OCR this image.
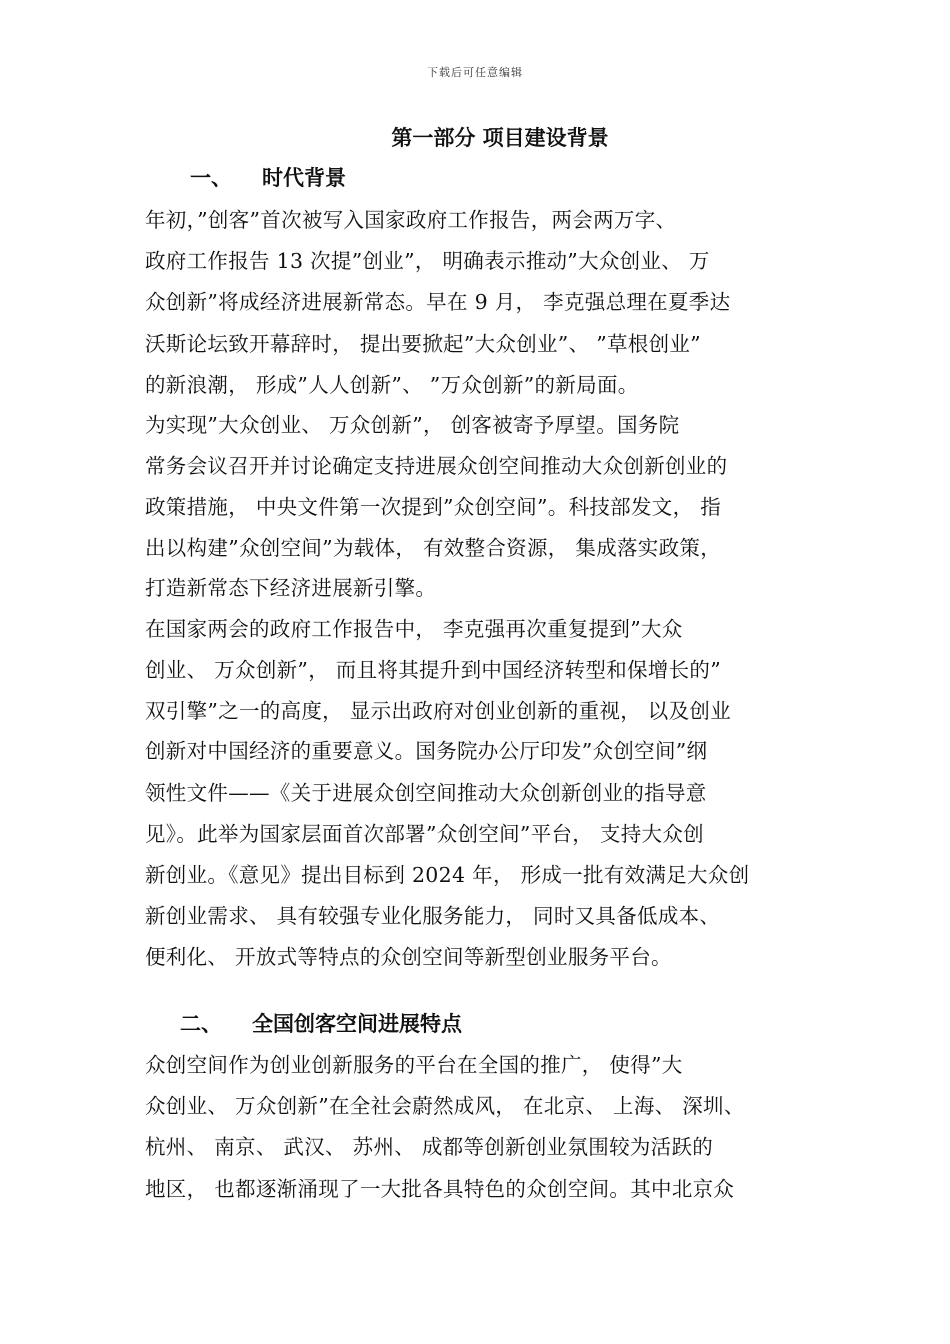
下载后可任意编辑
第一部分 项目建设背景
一、 时代背景
二、 全国创客空间进展特点
年初，”创客”首次被写入国家政府工作报告，两会两万字、
政府工作报告 13 次提”创业”， 明确表示推动”大众创业、 万
众创新”将成经济进展新常态。早在 9 月， 李克强总理在夏季达
沃斯论坛致开幕辞时， 提出要掀起”大众创业”、 ”草根创业”
的新浪潮， 形成”人人创新”、 ”万众创新”的新局面。
为实现”大众创业、 万众创新”， 创客被寄予厚望。国务院
常务会议召开并讨论确定支持进展众创空间推动大众创新创业的
政策措施， 中央文件第一次提到”众创空间”。科技部发文， 指
出以构建”众创空间”为载体， 有效整合资源， 集成落实政策，
打造新常态下经济进展新引擎。
在国家两会的政府工作报告中， 李克强再次重复提到”大众
创业、 万众创新”， 而且将其提升到中国经济转型和保增长的”
双引擎”之一的高度， 显示出政府对创业创新的重视， 以及创业
创新对中国经济的重要意义。国务院办公厅印发”众创空间”纲
领性文件——《关于进展众创空间推动大众创新创业的指导意
见》。此举为国家层面首次部署”众创空间”平台， 支持大众创
新创业。《意见》提出目标到 2024 年， 形成一批有效满足大众创
新创业需求、 具有较强专业化服务能力， 同时又具备低成本、
便利化、 开放式等特点的众创空间等新型创业服务平台。
众创空间作为创业创新服务的平台在全国的推广， 使得”大
众创业、 万众创新”在全社会蔚然成风， 在北京、 上海、 深圳、
杭州、 南京、 武汉、 苏州、 成都等创新创业氛围较为活跃的
地区， 也都逐渐涌现了一大批各具特色的众创空间。其中北京众
